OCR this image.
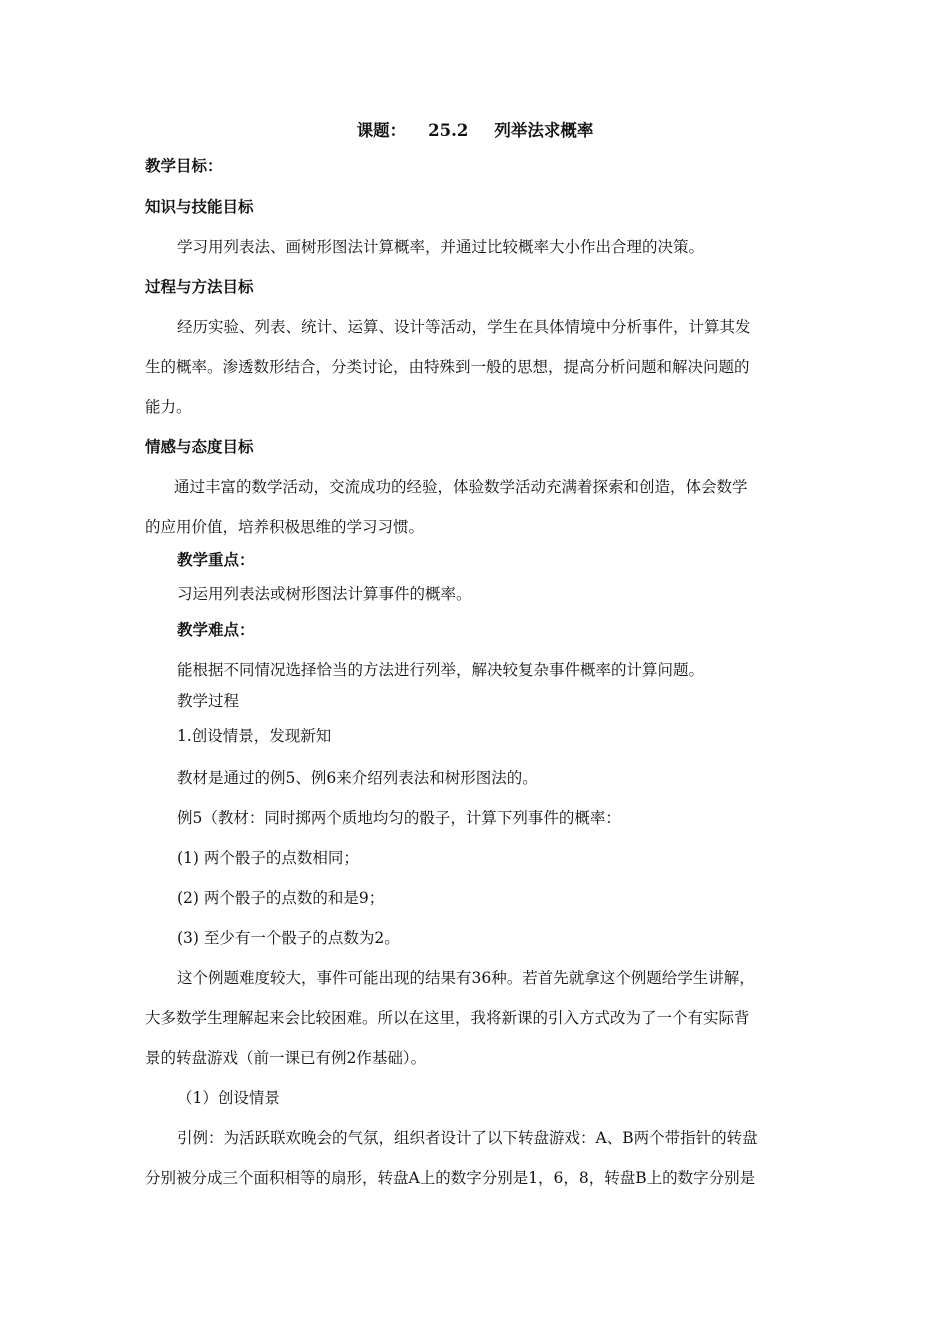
课题： 25.2 列举法求概率
教学目标：
知识与技能目标
学习用列表法、画树形图法计算概率，并通过比较概率大小作出合理的决策。
过程与方法目标
经历实验、列表、统计、运算、设计等活动，学生在具体情境中分析事件，计算其发
生的概率。渗透数形结合，分类讨论，由特殊到一般的思想，提高分析问题和解决问题的
能力。
情感与态度目标
通过丰富的数学活动，交流成功的经验，体验数学活动充满着探索和创造，体会数学
的应用价值，培养积极思维的学习习惯。
教学重点：
习运用列表法或树形图法计算事件的概率。
教学难点：
能根据不同情况选择恰当的方法进行列举，解决较复杂事件概率的计算问题。
教学过程
1.创设情景，发现新知
教材是通过的例5、例6来介绍列表法和树形图法的。
例5（教材：同时掷两个质地均匀的骰子，计算下列事件的概率：
(1) 两个骰子的点数相同；
(2) 两个骰子的点数的和是9；
(3) 至少有一个骰子的点数为2。
这个例题难度较大，事件可能出现的结果有36种。若首先就拿这个例题给学生讲解，
大多数学生理解起来会比较困难。所以在这里，我将新课的引入方式改为了一个有实际背
景的转盘游戏（前一课已有例2作基础）。
（1）创设情景
引例：为活跃联欢晚会的气氛，组织者设计了以下转盘游戏：A、B两个带指针的转盘
分别被分成三个面积相等的扇形，转盘A上的数字分别是1，6，8，转盘B上的数字分别是
